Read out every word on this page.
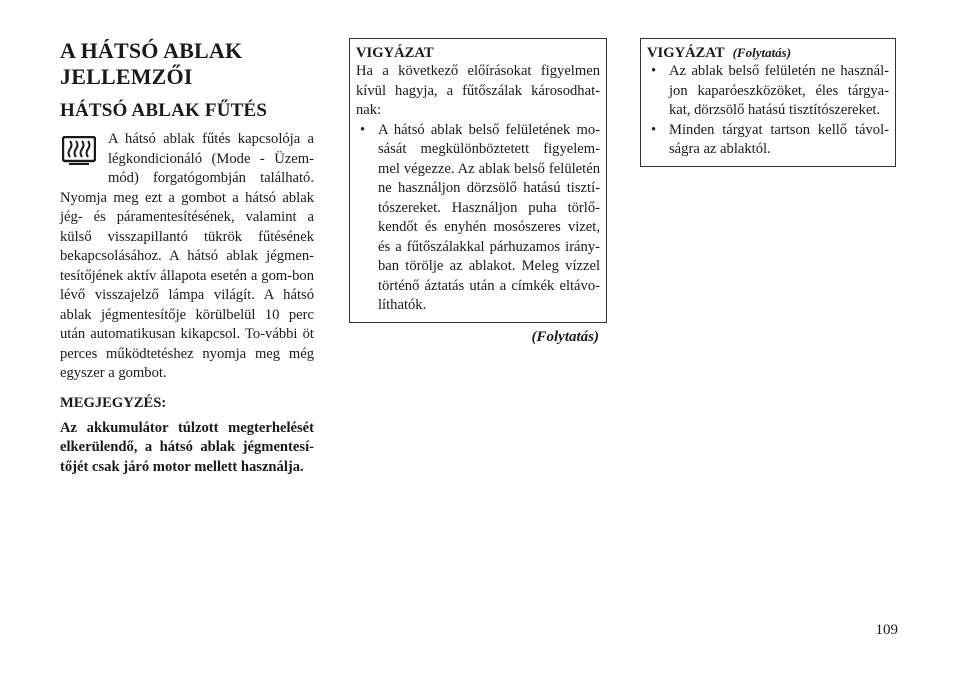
A HÁTSÓ ABLAK JELLEMZŐI
HÁTSÓ ABLAK FŰTÉS

A hátsó ablak fűtés kapcsolója a légkondicionáló (Mode - Üzem-mód) forgatógombján található. Nyomja meg ezt a gombot a hátsó ablak jég- és páramentesítésének, valamint a külső visszapillantó tükrök fűtésének bekapcsolásához. A hátsó ablak jégmen-tesítőjének aktív állapota esetén a gom-bon lévő visszajelző lámpa világít. A hátsó ablak jégmentesítője körülbelül 10 perc után automatikusan kikapcsol. To-vábbi öt perces működtetéshez nyomja meg még egyszer a gombot.

MEGJEGYZÉS:

Az akkumulátor túlzott megterhelését elkerülendő, a hátsó ablak jégmentesí-tőjét csak járó motor mellett használja.

VIGYÁZAT

Ha a következő előírásokat figyelmen kívül hagyja, a fűtőszálak károsodhat-nak:

• A hátsó ablak belső felületének mo-sását megkülönböztetett figyelem-mel végezze. Az ablak belső felületén ne használjon dörzsölő hatású tisztí-tószereket. Használjon puha törlő-kendőt és enyhén mosószeres vizet, és a fűtőszálakkal párhuzamos irány-ban törölje az ablakot. Meleg vízzel történő áztatás után a címkék eltávo-líthatók.
(Folytatás)
VIGYÁZAT (Folytatás)
• Az ablak belső felületén ne használ-jon kaparóeszközöket, éles tárgya-kat, dörzsölő hatású tisztítószereket.
• Minden tárgyat tartson kellő távol-ságra az ablaktól.
109
